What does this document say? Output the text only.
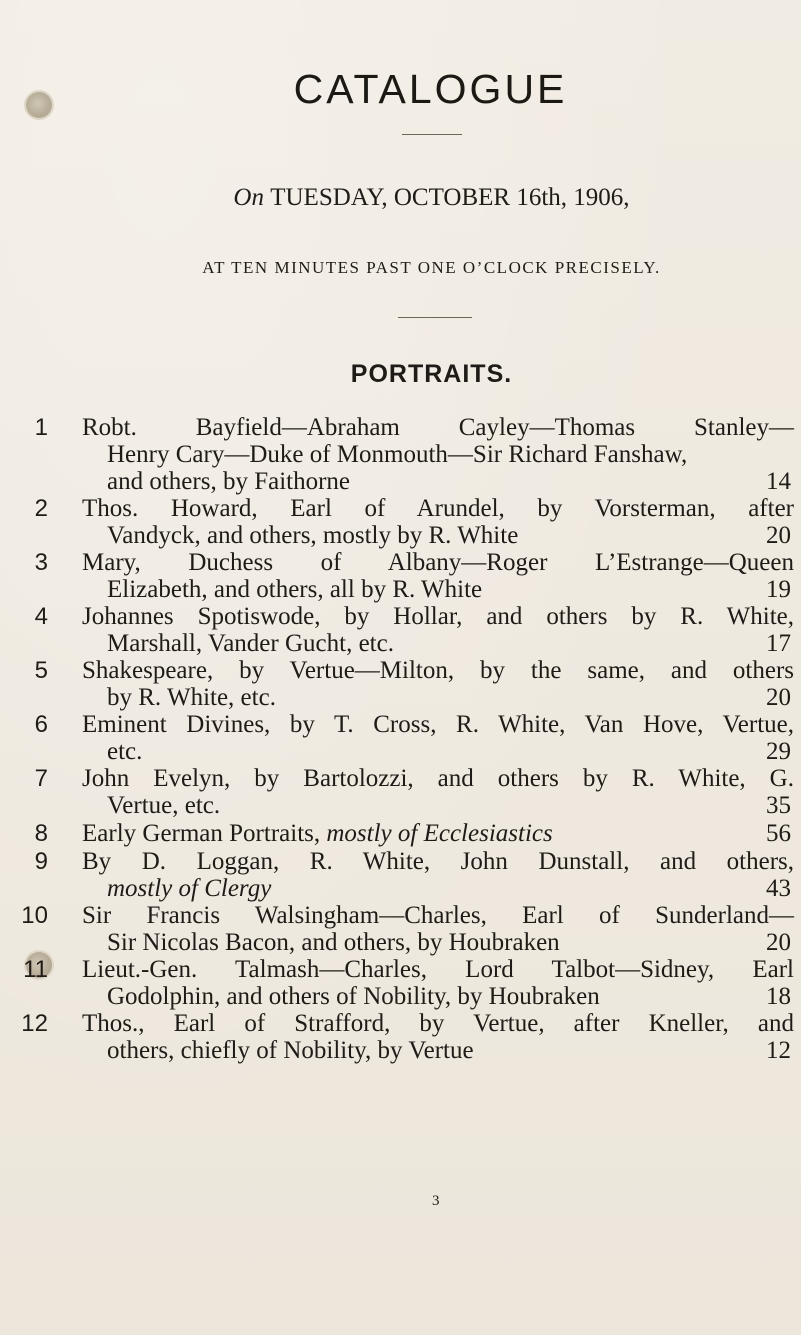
CATALOGUE
On TUESDAY, OCTOBER 16th, 1906,
AT TEN MINUTES PAST ONE O’CLOCK PRECISELY.
PORTRAITS.
1 Robt. Bayfield—Abraham Cayley—Thomas Stanley—
Henry Cary—Duke of Monmouth—Sir Richard Fanshaw,
and others, by Faithorne	14
2 Thos. Howard, Earl of Arundel, by Vorsterman, after
Vandyck, and others, mostly by R. White	20
3 Mary, Duchess of Albany—Roger L’Estrange—Queen
Elizabeth, and others, all by R. White	19
4 Johannes Spotiswode, by Hollar, and others by R. White,
Marshall, Vander Gucht, etc.	17
5 Shakespeare, by Vertue—Milton, by the same, and others
by R. White, etc.	20
6 Eminent Divines, by T. Cross, R. White, Van Hove, Vertue,
etc.	29
7 John Evelyn, by Bartolozzi, and others by R. White, G.
Vertue, etc.	35
8 Early German Portraits, mostly of Ecclesiastics	56
9 By D. Loggan, R. White, John Dunstall, and others,
mostly of Clergy	43
10 Sir Francis Walsingham—Charles, Earl of Sunderland—
Sir Nicolas Bacon, and others, by Houbraken	20
11 Lieut.-Gen. Talmash—Charles, Lord Talbot—Sidney, Earl
Godolphin, and others of Nobility, by Houbraken	18
12 Thos., Earl of Strafford, by Vertue, after Kneller, and
others, chiefly of Nobility, by Vertue	12
3
